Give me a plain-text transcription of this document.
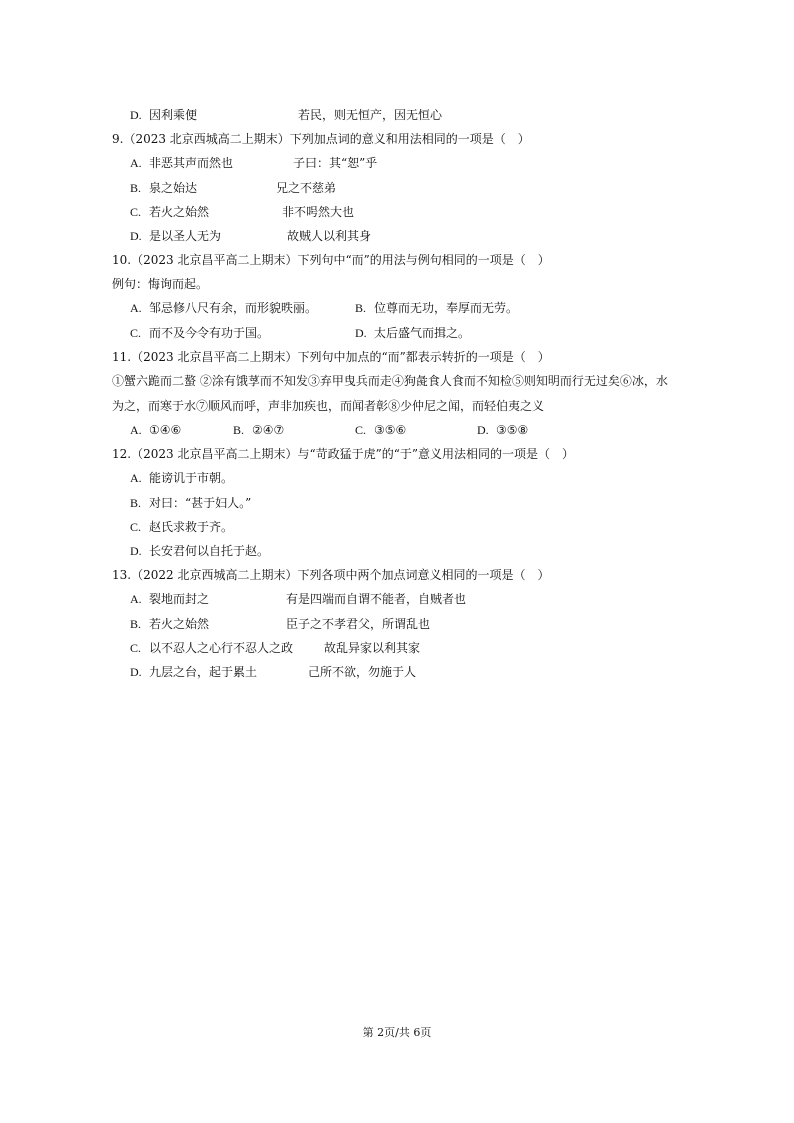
D. 因利乘便	若民，则无恒产，因无恒心
9.（2023 北京西城高二上期末）下列加点词的意义和用法相同的一项是（　）
A. 非恶其声而然也	子曰：其“恕”乎
B. 泉之始达	兄之不慈弟
C. 若火之始然	非不呺然大也
D. 是以圣人无为	故贼人以利其身
10.（2023 北京昌平高二上期末）下列句中“而”的用法与例句相同的一项是（　）
例句：悔询而起。
A. 邹忌修八尺有余，而形貌昳丽。	B. 位尊而无功，奉厚而无劳。
C. 而不及今令有功于国。	D. 太后盛气而揖之。
11.（2023 北京昌平高二上期末）下列句中加点的“而”都表示转折的一项是（　）
①蟹六跪而二螯 ②涂有饿莩而不知发③弃甲曳兵而走④狗彘食人食而不知检⑤则知明而行无过矣⑥冰，水
为之，而寒于水⑦顺风而呼，声非加疾也，而闻者彰⑧少仲尼之闻，而轻伯夷之义
A. ①④⑥	B. ②④⑦	C. ③⑤⑥	D. ③⑤⑧
12.（2023 北京昌平高二上期末）与“苛政猛于虎”的“于”意义用法相同的一项是（　）
A. 能谤讥于市朝。
B. 对曰：“甚于妇人。”
C. 赵氏求救于齐。
D. 长安君何以自托于赵。
13.（2022 北京西城高二上期末）下列各项中两个加点词意义相同的一项是（　）
A. 裂地而封之	有是四端而自谓不能者，自贼者也
B. 若火之始然	臣子之不孝君父，所谓乱也
C. 以不忍人之心行不忍人之政	故乱异家以利其家
D. 九层之台，起于累土	己所不欲，勿施于人
第 2页/共 6页
